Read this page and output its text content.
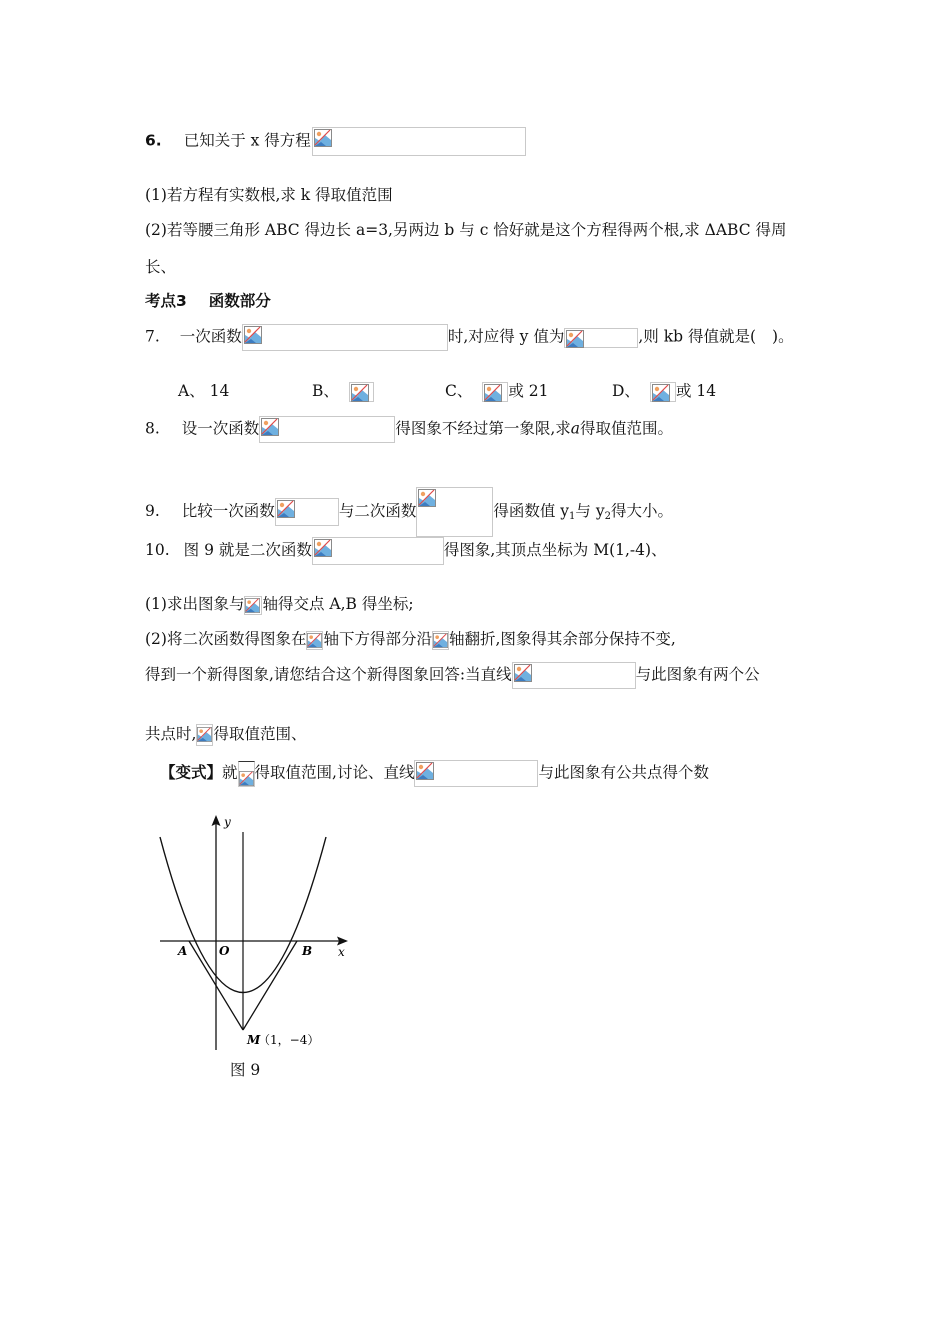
6. 已知关于 x 得方程
(1)若方程有实数根,求 k 得取值范围
(2)若等腰三角形 ABC 得边长 a=3,另两边 b 与 c 恰好就是这个方程得两个根,求 ΔABC 得周
长、
考点3 函数部分
7. 一次函数	时,对应得 y 值为	,则 kb 得值就是( )。
A、 14	B、	C、 或 21	D、 或 14
8. 设一次函数	得图象不经过第一象限,求a得取值范围。
9. 比较一次函数	与二次函数	得函数值 $y_1$与 $y_2$得大小。
10. 图 9 就是二次函数	得图象,其顶点坐标为 M(1,-4)、
(1)求出图象与 轴得交点 A,B 得坐标;
(2)将二次函数得图象在 轴下方得部分沿 轴翻折,图象得其余部分保持不变,
得到一个新得图象,请您结合这个新得图象回答:当直线	与此图象有两个公
共点时, 得取值范围、
【变式】就 得取值范围,讨论、直线	与此图象有公共点得个数
y
x
O
A	B
M
（1，−4）
图 9
